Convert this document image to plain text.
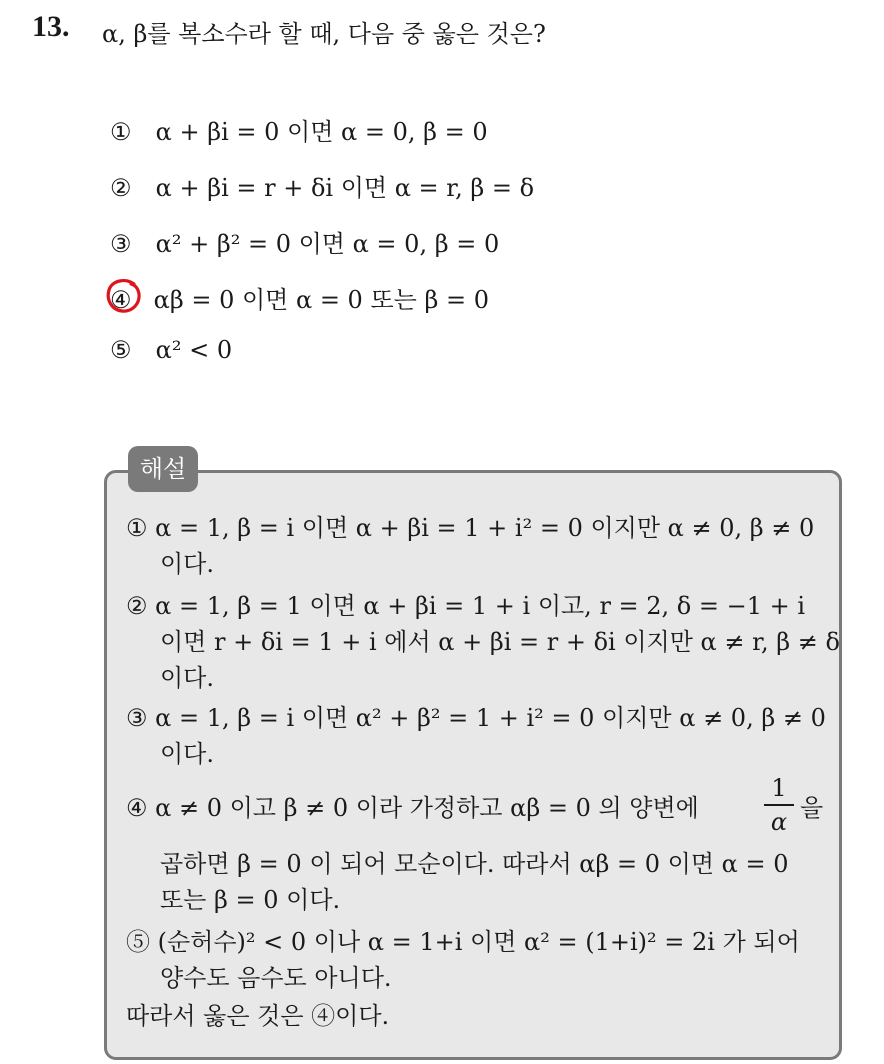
13. α, β를 복소수라 할 때, 다음 중 옳은 것은?
① α + βi = 0 이면 α = 0, β = 0
② α + βi = r + δi 이면 α = r, β = δ
③ α² + β² = 0 이면 α = 0, β = 0
④ αβ = 0 이면 α = 0 또는 β = 0
⑤ α² < 0
해설
① α = 1, β = i 이면 α + βi = 1 + i² = 0 이지만 α ≠ 0, β ≠ 0
이다.
② α = 1, β = 1 이면 α + βi = 1 + i 이고, r = 2, δ = −1 + i
이면 r + δi = 1 + i 에서 α + βi = r + δi 이지만 α ≠ r, β ≠ δ
이다.
③ α = 1, β = i 이면 α² + β² = 1 + i² = 0 이지만 α ≠ 0, β ≠ 0
이다.
④ α ≠ 0 이고 β ≠ 0 이라 가정하고 αβ = 0 의 양변에
1
α 을
곱하면 β = 0 이 되어 모순이다. 따라서 αβ = 0 이면 α = 0
또는 β = 0 이다.
⑤ (순허수)² < 0 이나 α = 1+i 이면 α² = (1+i)² = 2i 가 되어
양수도 음수도 아니다.
따라서 옳은 것은 ④이다.
